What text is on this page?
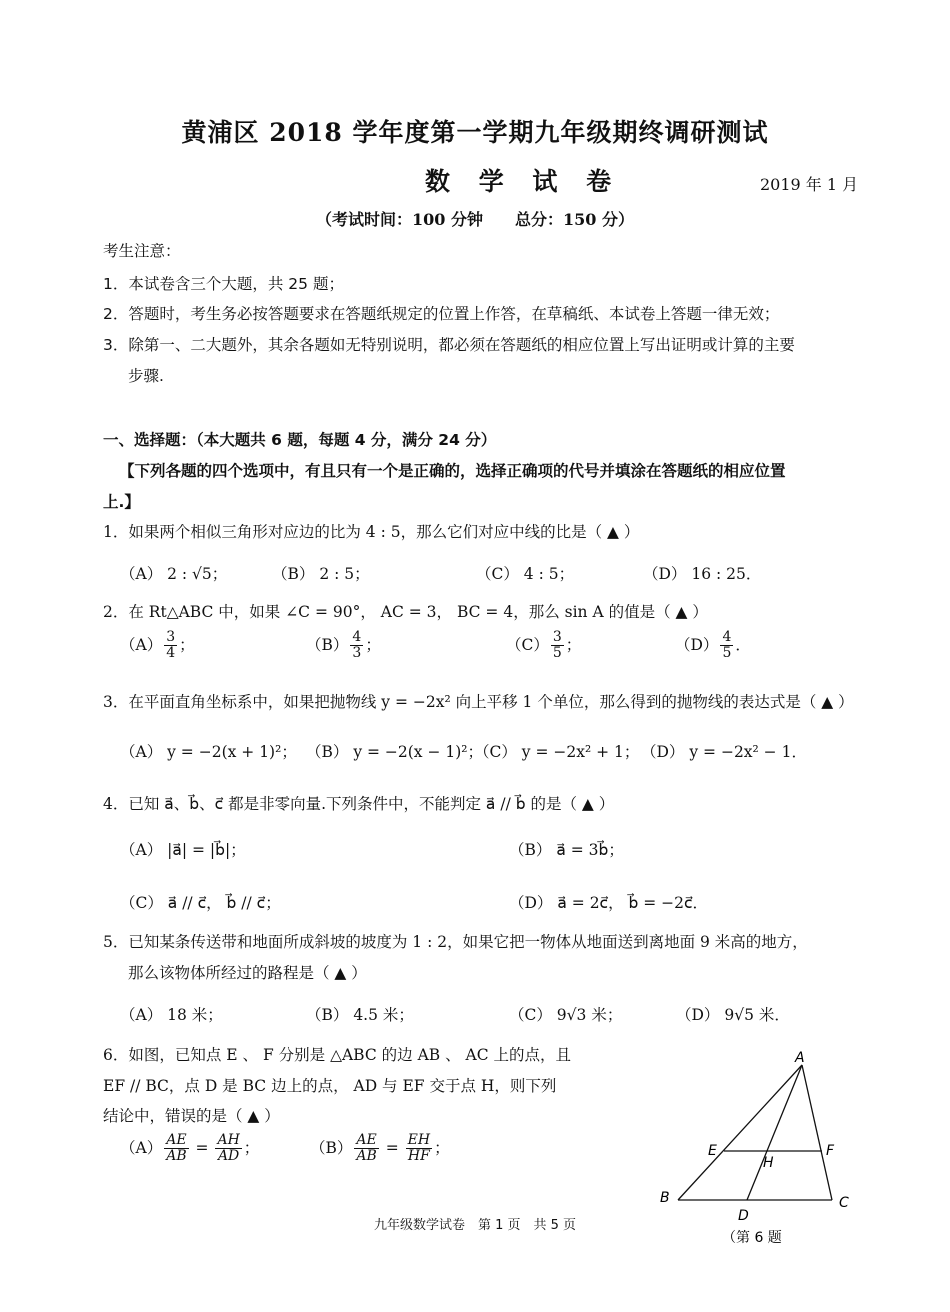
黄浦区 2018 学年度第一学期九年级期终调研测试
数 学 试 卷	2019 年 1 月
（考试时间：100 分钟　　总分：150 分）
考生注意：
1．本试卷含三个大题，共 25 题；
2．答题时，考生务必按答题要求在答题纸规定的位置上作答，在草稿纸、本试卷上答题一律无效；
3．除第一、二大题外，其余各题如无特别说明，都必须在答题纸的相应位置上写出证明或计算的主要
步骤.
一、选择题：（本大题共 6 题，每题 4 分，满分 24 分）
【下列各题的四个选项中，有且只有一个是正确的，选择正确项的代号并填涂在答题纸的相应位置
上.】
1．如果两个相似三角形对应边的比为 4 : 5，那么它们对应中线的比是（ ▲ ）
（A） 2 : √5；	（B） 2 : 5；	（C） 4 : 5；	（D） 16 : 25．
2．在 Rt△ABC 中，如果 ∠C = 90°， AC = 3， BC = 4，那么 sin A 的值是（ ▲ ）
$(A) \frac{3}{4}$ ；	$(B) \frac{4}{3}$ ；	$(C) \frac{3}{5}$ ；	$(D) \frac{4}{5}$ ．
3．在平面直角坐标系中，如果把抛物线 y = −2x² 向上平移 1 个单位，那么得到的抛物线的表达式是（ ▲ ）
（A） y = −2(x + 1)²； （B） y = −2(x − 1)²；
（C） y = −2x² + 1； （D） y = −2x² − 1．
4．已知 a⃗、b⃗、c⃗ 都是非零向量.下列条件中，不能判定 a⃗ // b⃗ 的是（ ▲ ）
（A） |a⃗| = |b⃗|；	（B） a⃗ = 3b⃗；
（C） a⃗ // c⃗， b⃗ // c⃗；	（D） a⃗ = 2c⃗， b⃗ = −2c⃗．
5．已知某条传送带和地面所成斜坡的坡度为 1 : 2，如果它把一物体从地面送到离地面 9 米高的地方，
那么该物体所经过的路程是（ ▲ ）
（A） 18 米；	（B） 4.5 米；	（C） 9√3 米；	（D） 9√5 米．
6．如图，已知点 E 、 F 分别是 △ABC 的边 AB 、 AC 上的点，且
EF // BC，点 D 是 BC 边上的点， AD 与 EF 交于点 H，则下列
结论中，错误的是（ ▲ ）
$(A) \frac{AE}{AB} = \frac{AH}{AD}$ ；	$(B) \frac{AE}{AB} = \frac{EH}{HF}$ ；
A
B	C
D
E	F
H
（第 6 题
九年级数学试卷　第 1 页　共 5 页
